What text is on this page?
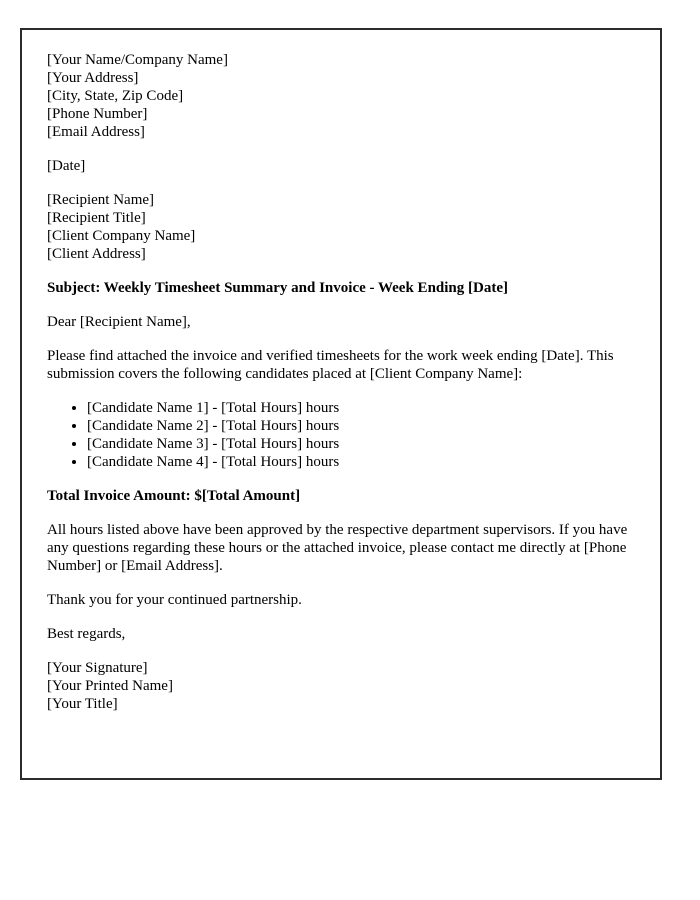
[Your Name/Company Name]
[Your Address]
[City, State, Zip Code]
[Phone Number]
[Email Address]

[Date]

[Recipient Name]
[Recipient Title]
[Client Company Name]
[Client Address]

Subject: Weekly Timesheet Summary and Invoice - Week Ending [Date]

Dear [Recipient Name],

Please find attached the invoice and verified timesheets for the work week ending [Date]. This submission covers the following candidates placed at [Client Company Name]:

• [Candidate Name 1] - [Total Hours] hours
• [Candidate Name 2] - [Total Hours] hours
• [Candidate Name 3] - [Total Hours] hours
• [Candidate Name 4] - [Total Hours] hours

Total Invoice Amount: $[Total Amount]

All hours listed above have been approved by the respective department supervisors. If you have any questions regarding these hours or the attached invoice, please contact me directly at [Phone Number] or [Email Address].

Thank you for your continued partnership.

Best regards,

[Your Signature]
[Your Printed Name]
[Your Title]
